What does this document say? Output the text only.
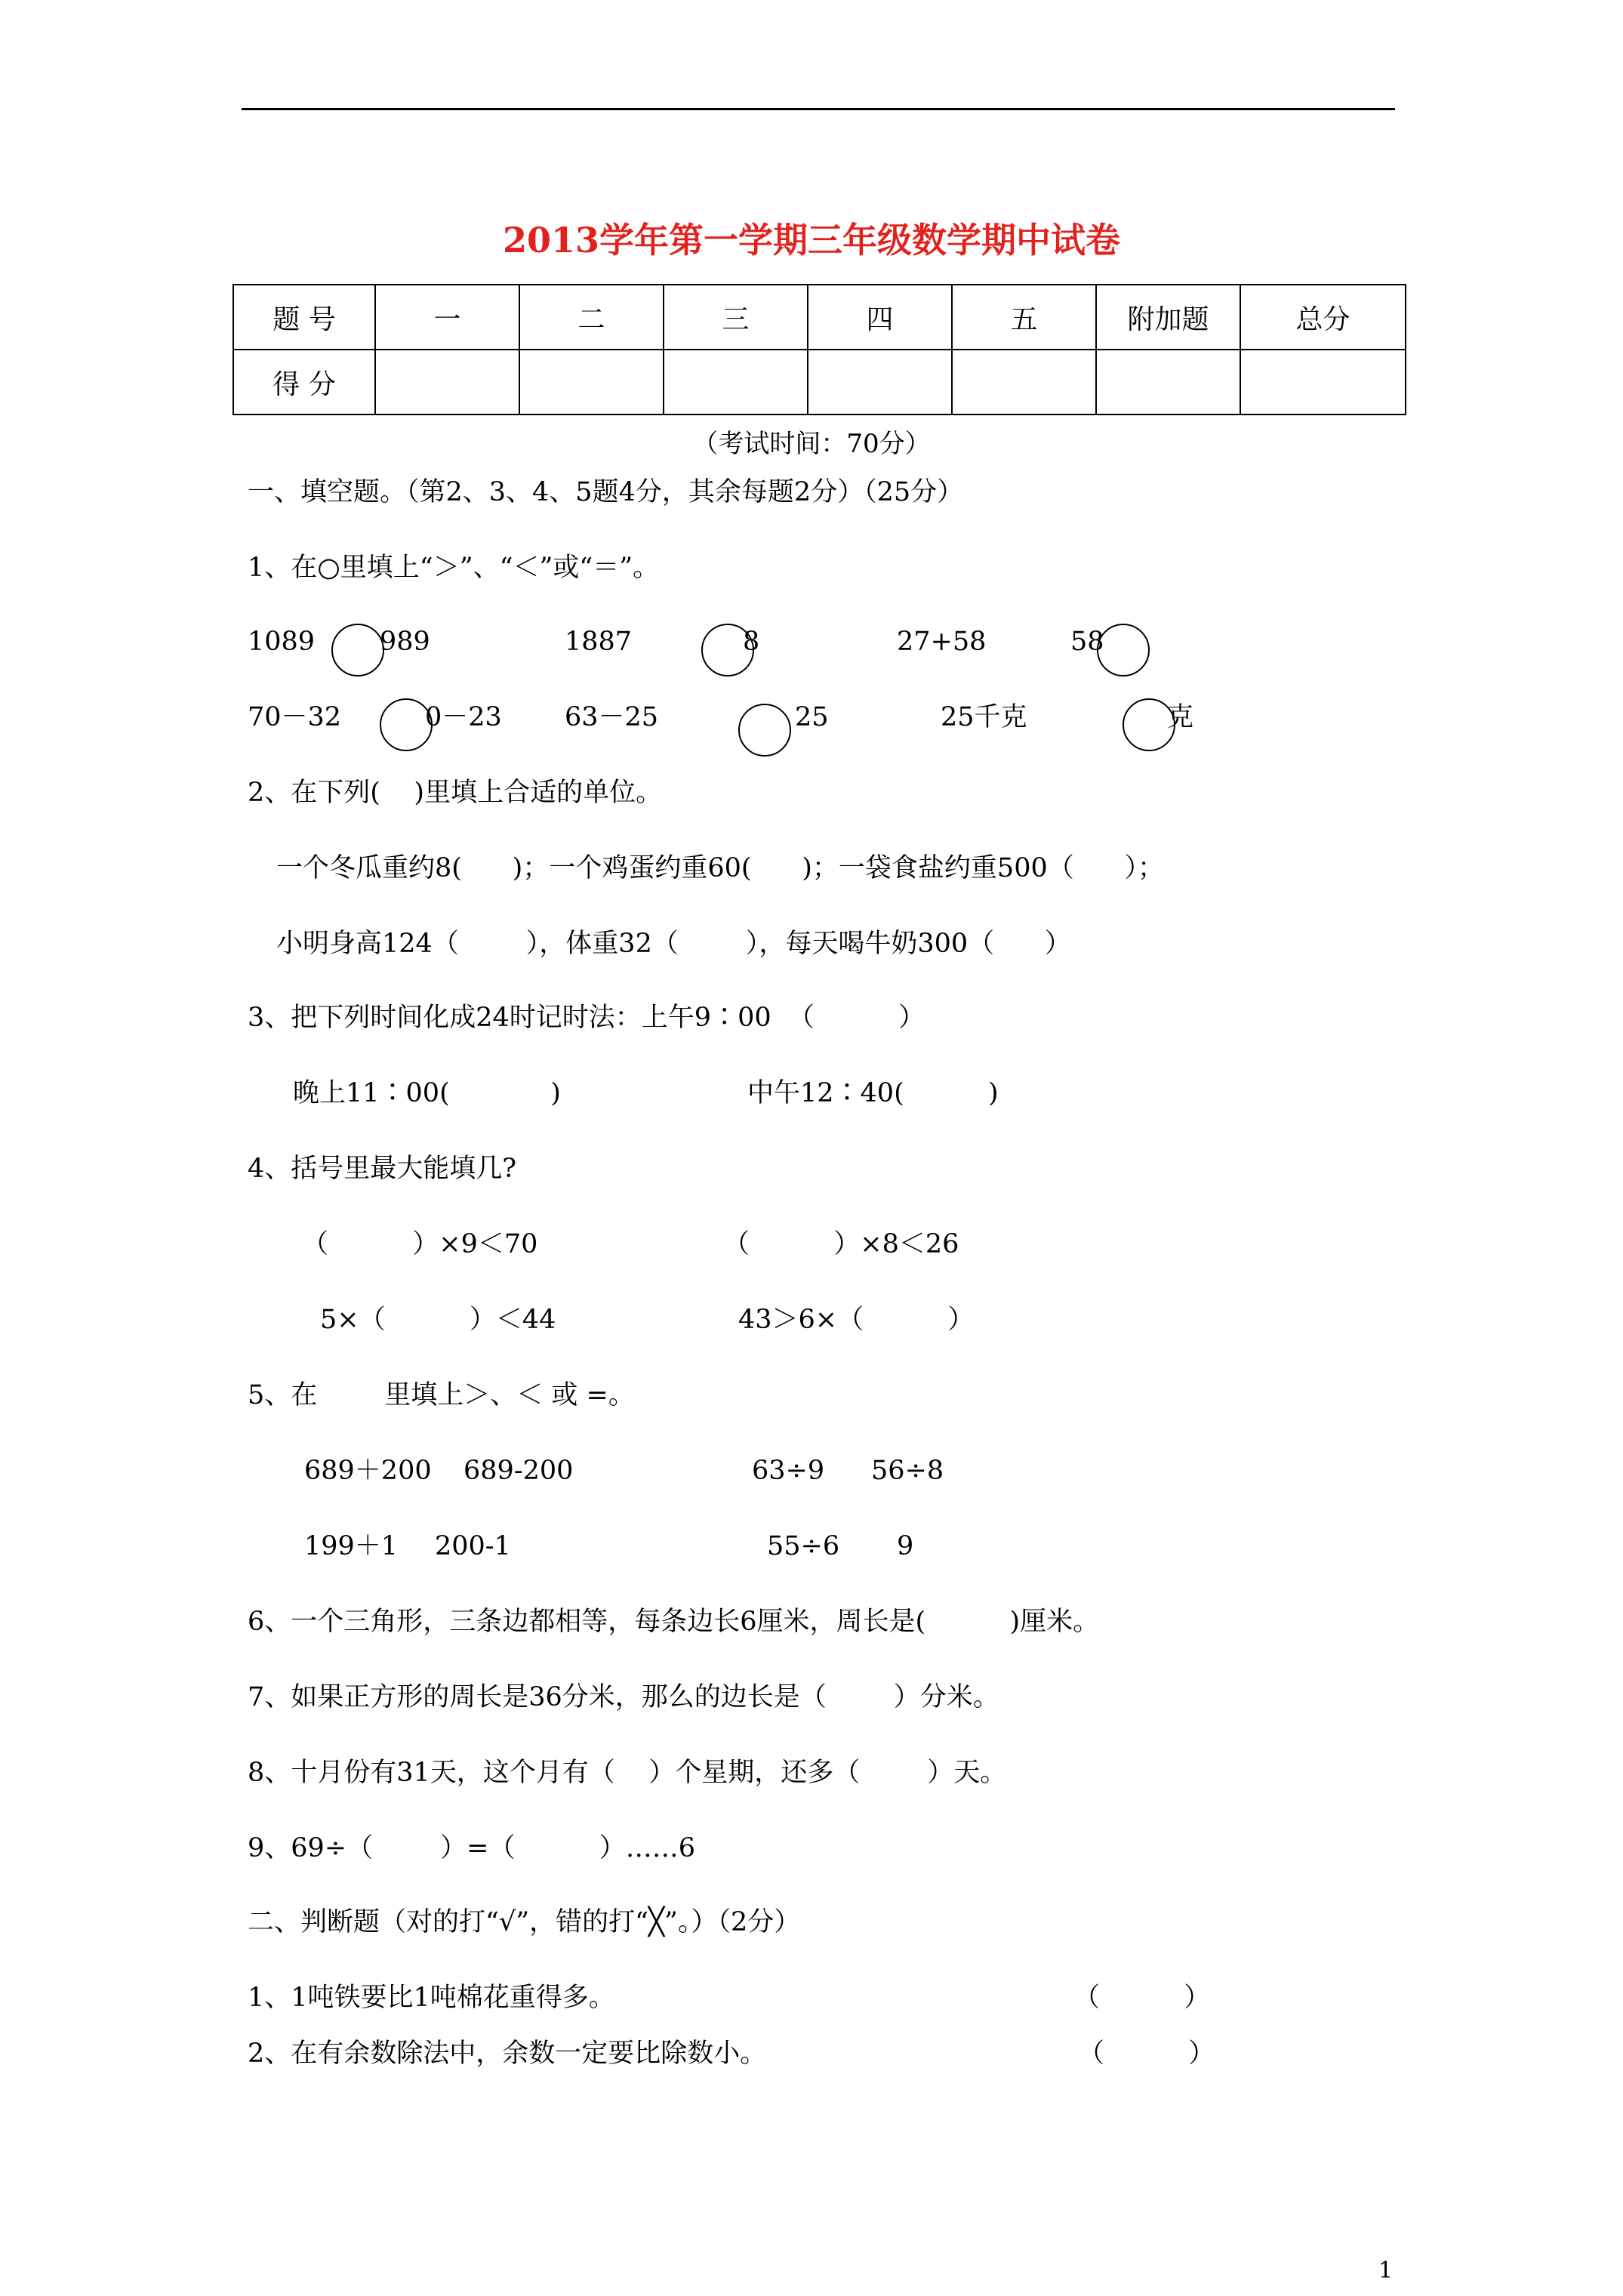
2013学年第一学期三年级数学期中试卷
题 号	一	二	三	四	五	附加题	总分
得 分							
（考试时间：70分）
一、填空题。（第2、3、4、5题4分，其余每题2分）（25分）
1、在○里填上“＞”、“＜”或“＝”。
1089 989	1887	8	27+58	58
70－32	0－23 63－25	25	25千克	克
2、在下列(    )里填上合适的单位。
一个冬瓜重约8(      )；一个鸡蛋约重60(      )；一袋食盐约重500（      ）；
小明身高124（        ），体重32（        ），每天喝牛奶300（      ）
3、把下列时间化成24时记时法：上午9∶00  （          ）
晚上11∶00(            )	中午12∶40(          )
4、括号里最大能填几?
（          ）×9＜70	（          ）×8＜26
5×（          ）＜44	43＞6×（          ）
5、在        里填上＞、＜ 或 =。
689＋200 689-200	63÷9 56÷8
199＋1 200-1	55÷6 9
6、一个三角形，三条边都相等，每条边长6厘米，周长是(          )厘米。
7、如果正方形的周长是36分米，那么的边长是（        ）分米。
8、十月份有31天，这个月有（    ）个星期，还多（        ）天。
9、69÷（        ）=（          ）……6
二、判断题（对的打“√”，错的打“╳”。）（2分）
1、1吨铁要比1吨棉花重得多。	（          ）
2、在有余数除法中，余数一定要比除数小。	（          ）
1
